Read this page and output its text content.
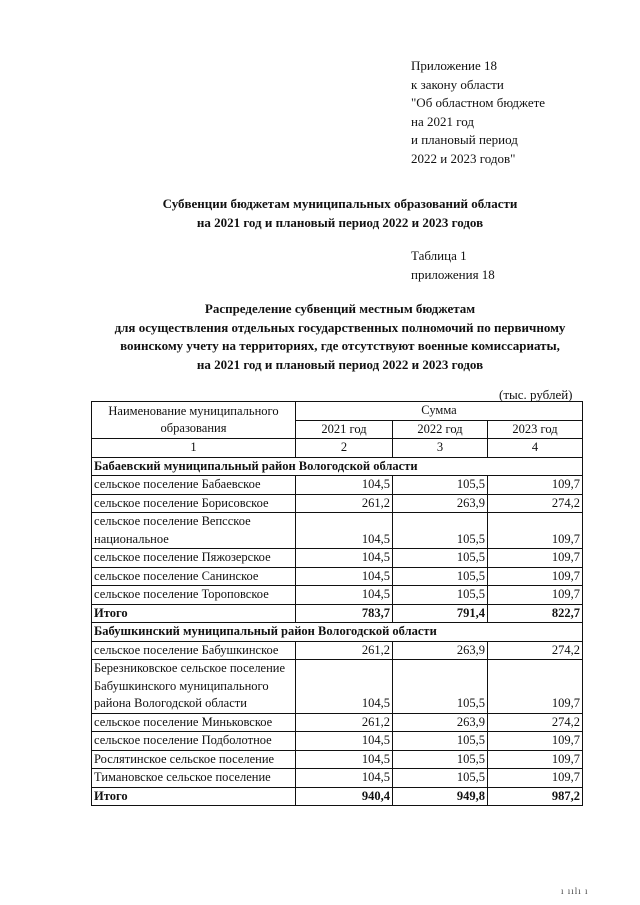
Приложение 18
к закону области
"Об областном бюджете
на 2021 год
и плановый период
2022 и 2023 годов"
Субвенции бюджетам муниципальных образований области
на 2021 год и плановый период 2022 и 2023 годов
Таблица 1
приложения 18
Распределение субвенций местным бюджетам
для осуществления отдельных государственных полномочий по первичному
воинскому учету на территориях, где отсутствуют военные комиссариаты,
на 2021 год и плановый период 2022 и 2023 годов
(тыс. рублей)
Наименование муниципального образования	Сумма		
	2021 год	2022 год	2023 год
1	2	3	4
Бабаевский муниципальный район Вологодской области			
сельское поселение Бабаевское	104,5	105,5	109,7
сельское поселение Борисовское	261,2	263,9	274,2
сельское поселение Вепсское национальное	104,5	105,5	109,7
сельское поселение Пяжозерское	104,5	105,5	109,7
сельское поселение Санинское	104,5	105,5	109,7
сельское поселение Тороповское	104,5	105,5	109,7
Итого	783,7	791,4	822,7
Бабушкинский муниципальный район Вологодской области			
сельское поселение Бабушкинское	261,2	263,9	274,2
Березниковское сельское поселение Бабушкинского муниципального района Вологодской области	104,5	105,5	109,7
сельское поселение Миньковское	261,2	263,9	274,2
сельское поселение Подболотное	104,5	105,5	109,7
Рослятинское сельское поселение	104,5	105,5	109,7
Тимановское сельское поселение	104,5	105,5	109,7
Итого	940,4	949,8	987,2
ı ıılı ı
